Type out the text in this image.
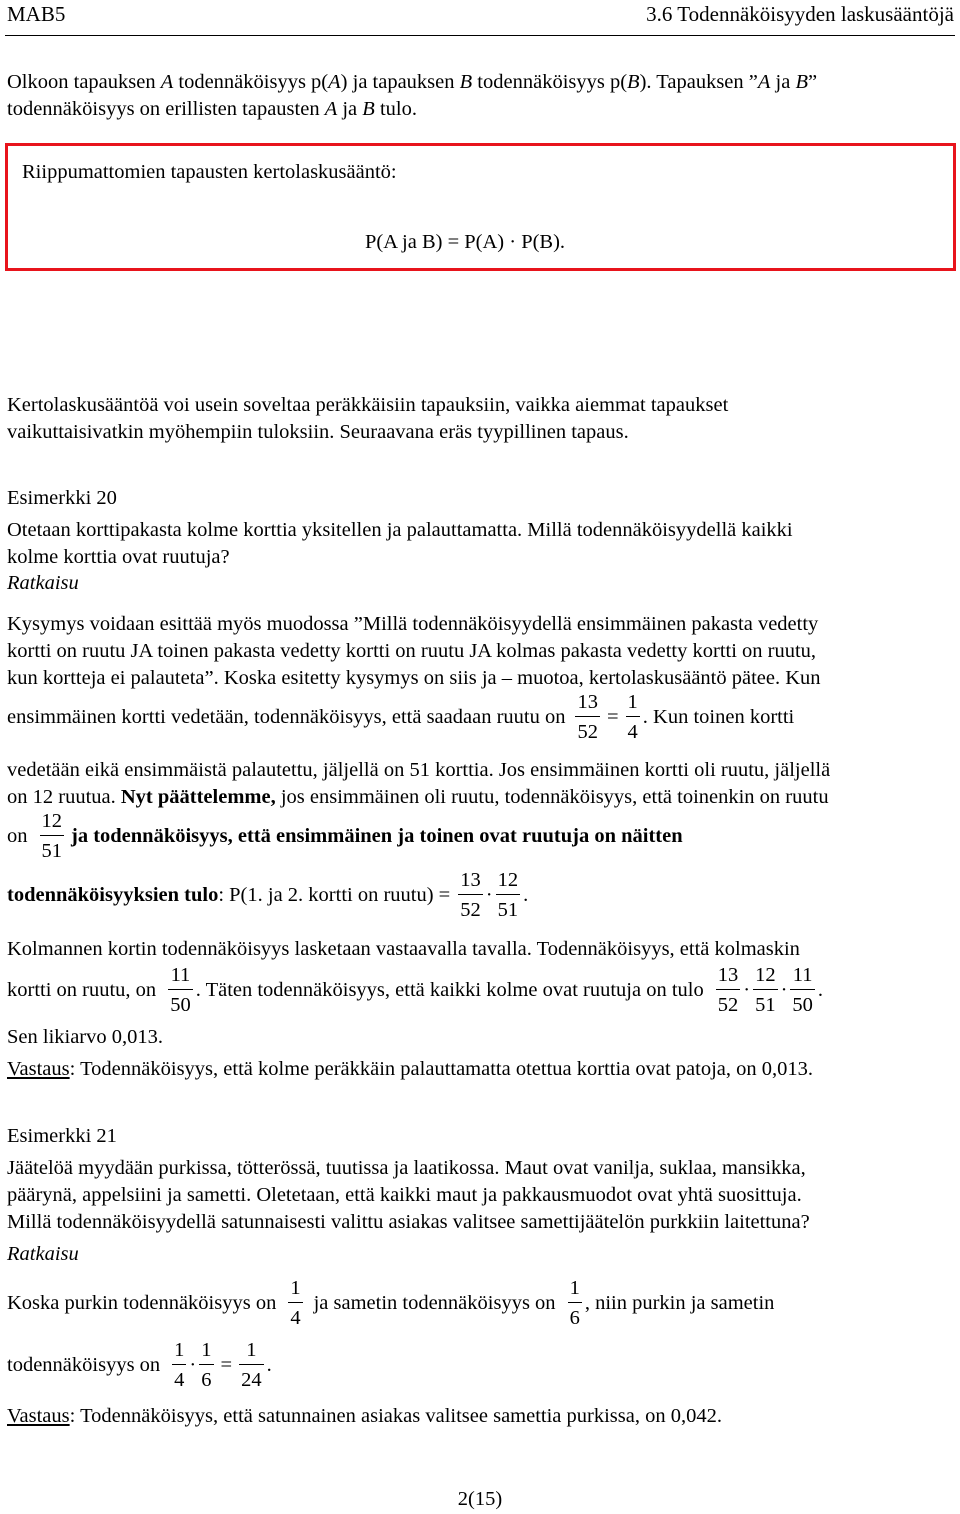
MAB5	3.6 Todennäköisyyden laskusääntöjä
Olkoon tapauksen A todennäköisyys p(A) ja tapauksen B todennäköisyys p(B). Tapauksen ”A ja B”
todennäköisyys on erillisten tapausten A ja B tulo.
Riippumattomien tapausten kertolaskusääntö:
P(A ja B) = P(A) · P(B).
Kertolaskusääntöä voi usein soveltaa peräkkäisiin tapauksiin, vaikka aiemmat tapaukset
vaikuttaisivatkin myöhempiin tuloksiin. Seuraavana eräs tyypillinen tapaus.
Esimerkki 20
Otetaan korttipakasta kolme korttia yksitellen ja palauttamatta. Millä todennäköisyydellä kaikki
kolme korttia ovat ruutuja?
Ratkaisu
Kysymys voidaan esittää myös muodossa ”Millä todennäköisyydellä ensimmäinen pakasta vedetty
kortti on ruutu JA toinen pakasta vedetty kortti on ruutu JA kolmas pakasta vedetty kortti on ruutu,
kun kortteja ei palauteta”. Koska esitetty kysymys on siis ja – muotoa, kertolaskusääntö pätee. Kun
ensimmäinen kortti vedetään, todennäköisyys, että saadaan ruutu on $\frac{13}{52} = \frac{1}{4}$ . Kun toinen kortti
vedetään eikä ensimmäistä palautettu, jäljellä on 51 korttia. Jos ensimmäinen kortti oli ruutu, jäljellä
on 12 ruutua. Nyt päättelemme, jos ensimmäinen oli ruutu, todennäköisyys, että toinenkin on ruutu
on $\frac{12}{51}$ ja todennäköisyys, että ensimmäinen ja toinen ovat ruutuja on näitten
todennäköisyyksien tulo : P(1. ja 2. kortti on ruutu) = $\frac{13}{52} \cdot \frac{12}{51}$ .
Kolmannen kortin todennäköisyys lasketaan vastaavalla tavalla. Todennäköisyys, että kolmaskin
kortti on ruutu, on $\frac{11}{50}$ . Täten todennäköisyys, että kaikki kolme ovat ruutuja on tulo $\frac{13}{52} \cdot \frac{12}{51} \cdot \frac{11}{50}$ .
Sen likiarvo 0,013.
Vastaus: Todennäköisyys, että kolme peräkkäin palauttamatta otettua korttia ovat patoja, on 0,013.
Esimerkki 21
Jäätelöä myydään purkissa, tötterössä, tuutissa ja laatikossa. Maut ovat vanilja, suklaa, mansikka,
päärynä, appelsiini ja sametti. Oletetaan, että kaikki maut ja pakkausmuodot ovat yhtä suosittuja.
Millä todennäköisyydellä satunnaisesti valittu asiakas valitsee samettijäätelön purkkiin laitettuna?
Ratkaisu
Koska purkin todennäköisyys on $\frac{1}{4}$ ja sametin todennäköisyys on $\frac{1}{6}$ , niin purkin ja sametin
todennäköisyys on $\frac{1}{4} \cdot \frac{1}{6} = \frac{1}{24}$ .
Vastaus: Todennäköisyys, että satunnainen asiakas valitsee samettia purkissa, on 0,042.
2(15)
